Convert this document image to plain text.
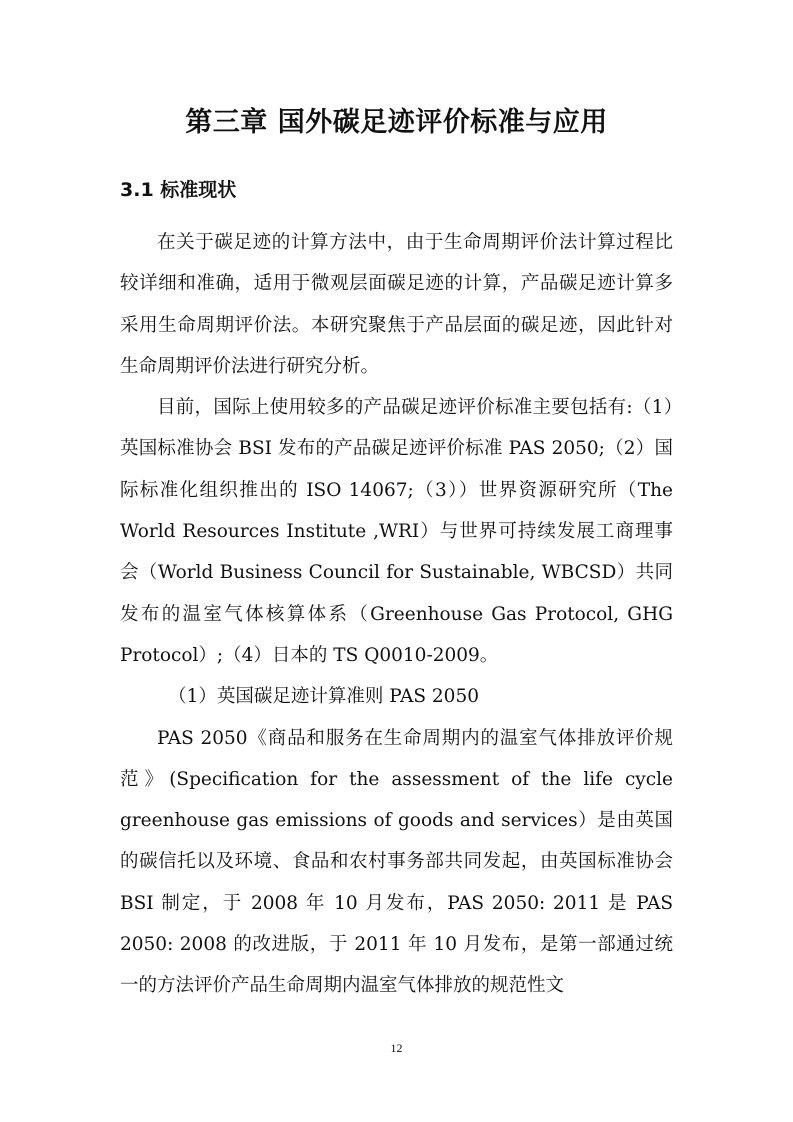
第三章 国外碳足迹评价标准与应用
3.1 标准现状

在关于碳足迹的计算方法中，由于生命周期评价法计算过程比较详细和准确，适用于微观层面碳足迹的计算，产品碳足迹计算多采用生命周期评价法。本研究聚焦于产品层面的碳足迹，因此针对生命周期评价法进行研究分析。

目前，国际上使用较多的产品碳足迹评价标准主要包括有:（1）英国标准协会 BSI 发布的产品碳足迹评价标准 PAS 2050;（2）国际标准化组织推出的 ISO 14067;（3））世界资源研究所（The World Resources Institute ,WRI）与世界可持续发展工商理事会（World Business Council for Sustainable, WBCSD）共同发布的温室气体核算体系（Greenhouse Gas Protocol, GHG Protocol）;（4）日本的 TS Q0010-2009。

（1）英国碳足迹计算准则 PAS 2050

PAS 2050《商品和服务在生命周期内的温室气体排放评价规范》(Specification for the assessment of the life cycle greenhouse gas emissions of goods and services）是由英国的碳信托以及环境、食品和农村事务部共同发起，由英国标准协会 BSI 制定，于 2008 年 10 月发布，PAS 2050: 2011 是 PAS 2050: 2008 的改进版，于 2011 年 10 月发布，是第一部通过统一的方法评价产品生命周期内温室气体排放的规范性文

12
